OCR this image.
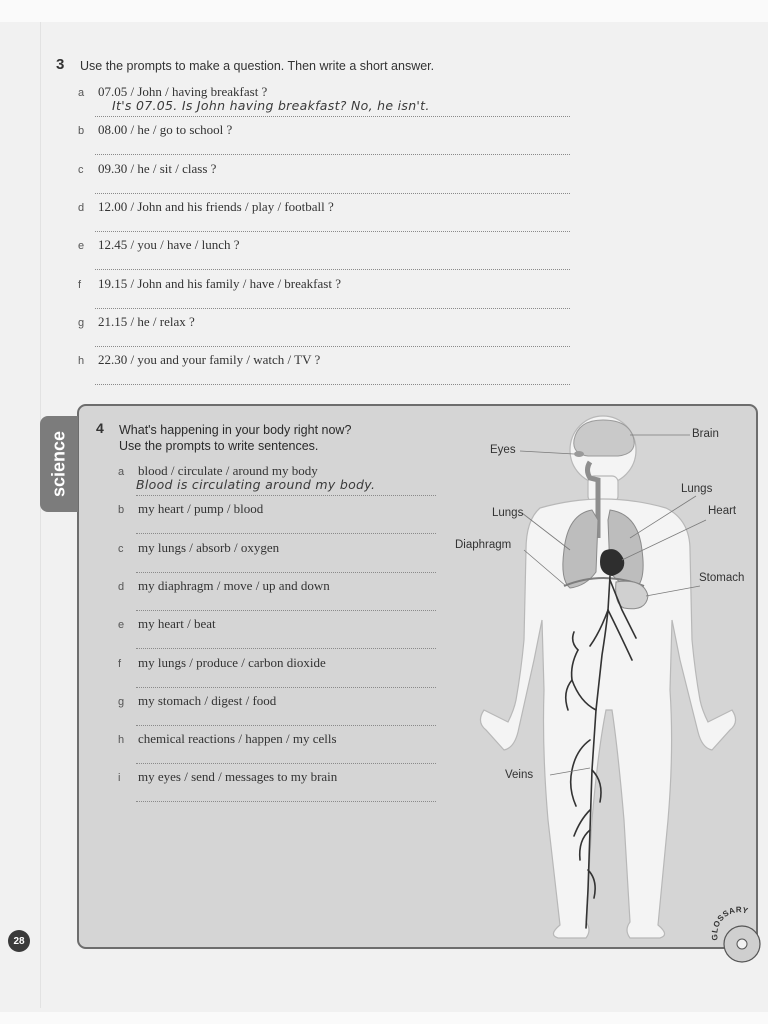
3 Use the prompts to make a question. Then write a short answer.
a 07.05 / John / having breakfast ?
It's 07.05. Is John having breakfast? No, he isn't.
b 08.00 / he / go to school ?
c 09.30 / he / sit / class ?
d 12.00 / John and his friends / play / football ?
e 12.45 / you / have / lunch ?
f 19.15 / John and his family / have / breakfast ?
g 21.15 / he / relax ?
h 22.30 / you and your family / watch / TV ?
science
4 What's happening in your body right now?
Use the prompts to write sentences.
a blood / circulate / around my body
Blood is circulating around my body.
b my heart / pump / blood
c my lungs / absorb / oxygen
d my diaphragm / move / up and down
e my heart / beat
f my lungs / produce / carbon dioxide
g my stomach / digest / food
h chemical reactions / happen / my cells
i my eyes / send / messages to my brain
Brain
Eyes
Lungs
Lungs	Heart
Diaphragm
Stomach
Veins
28	GLOSSARY
